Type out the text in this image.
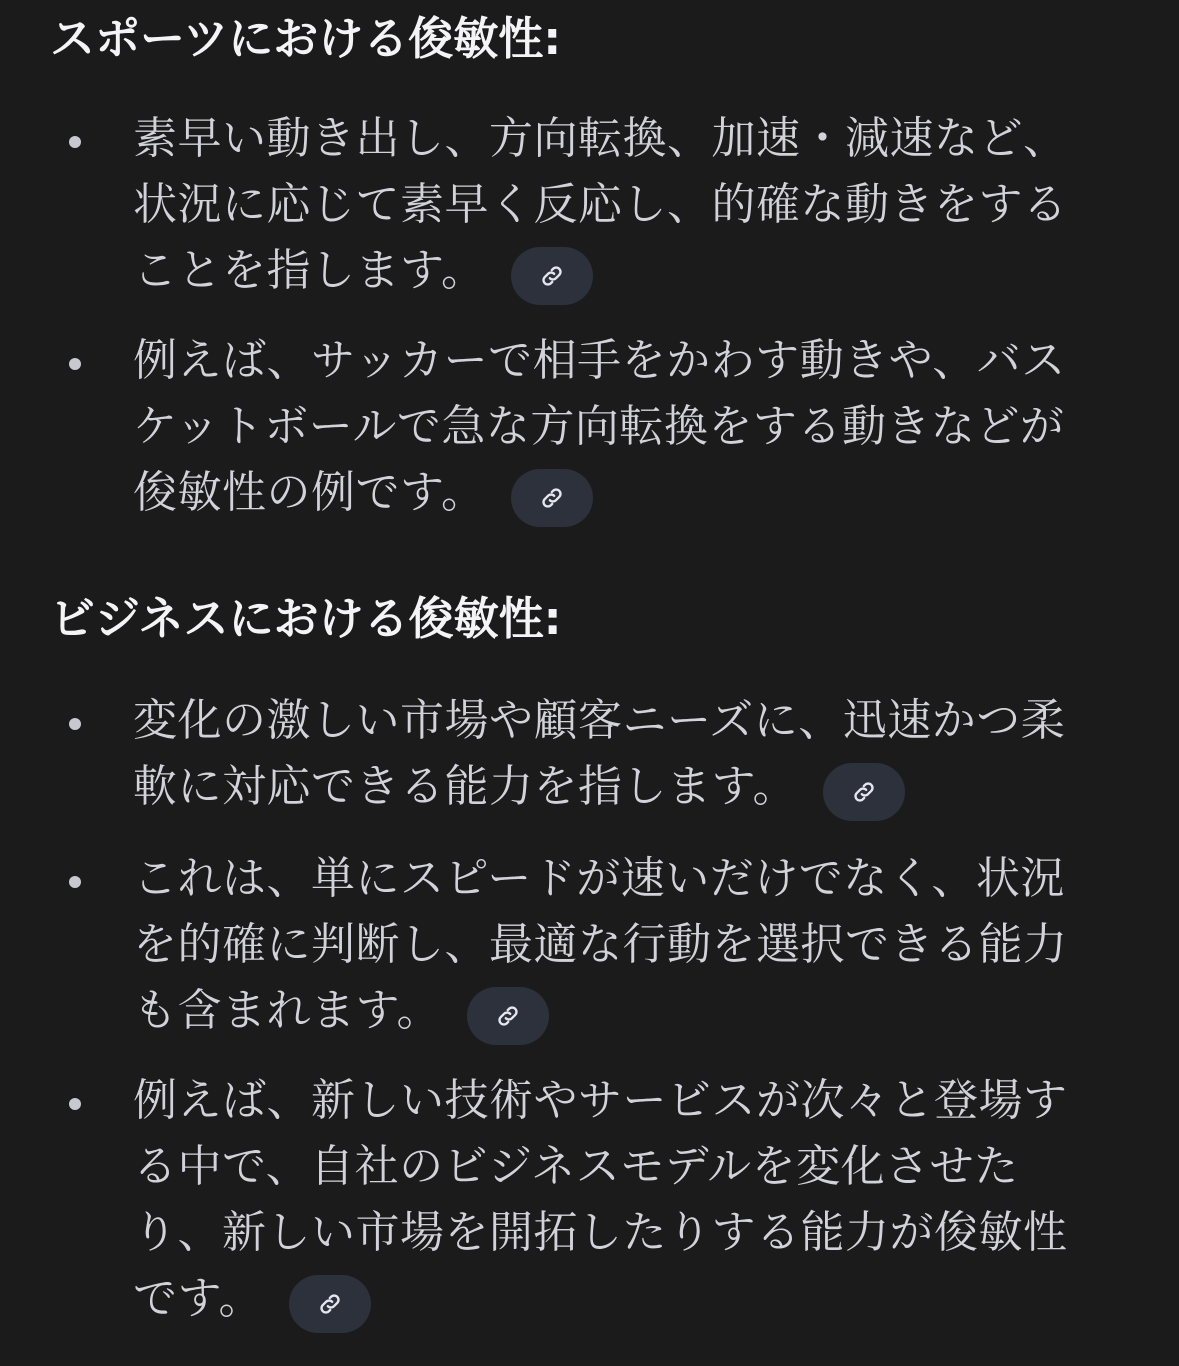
スポーツにおける俊敏性:
素早い動き出し、方向転換、加速・減速など、状況に応じて素早く反応し、的確な動きをすることを指します。
例えば、サッカーで相手をかわす動きや、バスケットボールで急な方向転換をする動きなどが俊敏性の例です。
ビジネスにおける俊敏性:
変化の激しい市場や顧客ニーズに、迅速かつ柔軟に対応できる能力を指します。
これは、単にスピードが速いだけでなく、状況を的確に判断し、最適な行動を選択できる能力も含まれます。
例えば、新しい技術やサービスが次々と登場する中で、自社のビジネスモデルを変化させたり、新しい市場を開拓したりする能力が俊敏性です。
